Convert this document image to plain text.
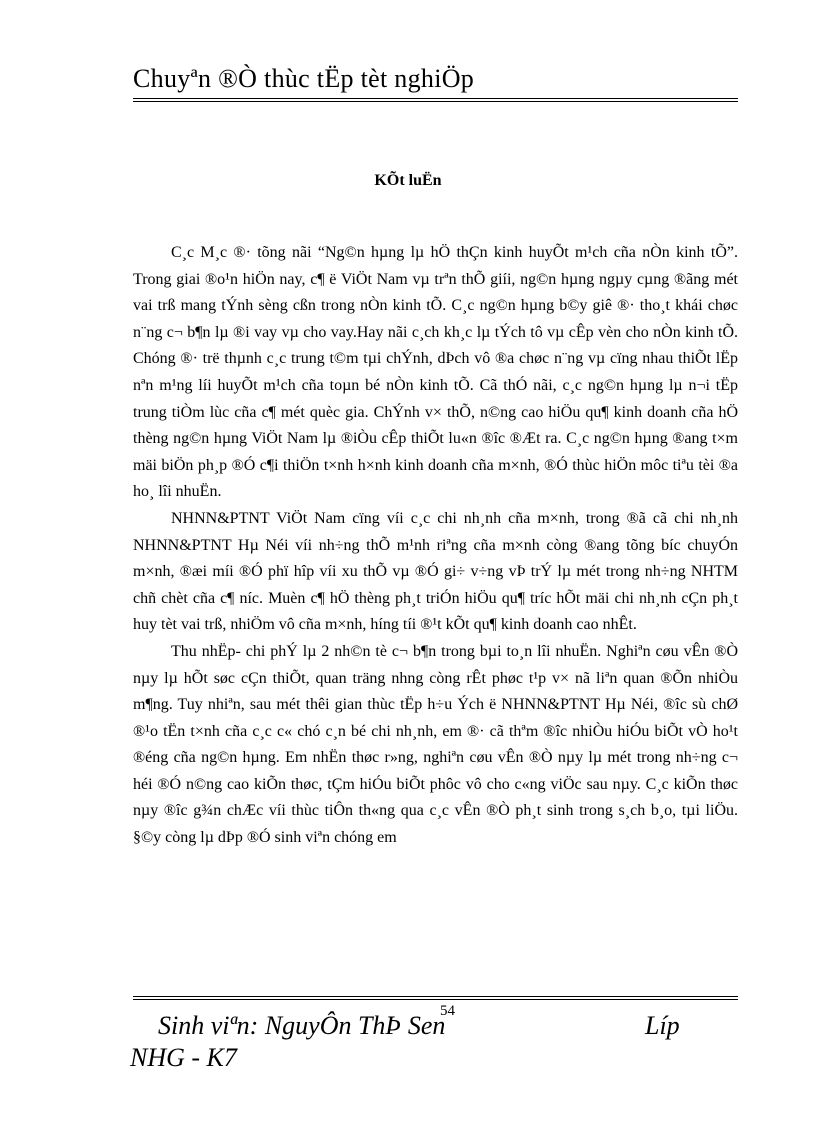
Chuyªn ®Ò thùc tËp tèt nghiÖp
KÕt luËn

C¸c M¸c ®· tõng nãi “Ng©n hµng lµ hÖ thÇn kinh huyÕt m¹ch cña nÒn kinh tÕ”. Trong giai ®o¹n hiÖn nay, c¶ ë ViÖt Nam vµ trªn thÕ giíi, ng©n hµng ngµy cµng ®ãng mét vai trß mang tÝnh sèng cßn trong nÒn kinh tÕ. C¸c ng©n hµng b©y giê ®· tho¸t khái chøc n¨ng c¬ b¶n lµ ®i vay vµ cho vay.Hay nãi c¸ch kh¸c lµ tÝch tô vµ cÊp vèn cho nÒn kinh tÕ. Chóng ®· trë thµnh c¸c trung t©m tµi chÝnh, dÞch vô ®a chøc n¨ng vµ cïng nhau thiÕt lËp nªn m¹ng líi huyÕt m¹ch cña toµn bé nÒn kinh tÕ. Cã thÓ nãi, c¸c ng©n hµng lµ n¬i tËp trung tiÒm lùc cña c¶ mét quèc gia. ChÝnh v× thÕ, n©ng cao hiÖu qu¶ kinh doanh cña hÖ thèng ng©n hµng ViÖt Nam lµ ®iÒu cÊp thiÕt lu«n ®îc ®Æt ra. C¸c ng©n hµng ®ang t×m mäi biÖn ph¸p ®Ó c¶i thiÖn t×nh h×nh kinh doanh cña m×nh, ®Ó thùc hiÖn môc tiªu tèi ®a ho¸ lîi nhuËn.

NHNN&PTNT ViÖt Nam cïng víi c¸c chi nh¸nh cña m×nh, trong ®ã cã chi nh¸nh NHNN&PTNT Hµ Néi víi nh÷ng thÕ m¹nh riªng cña m×nh còng ®ang tõng bíc chuyÓn m×nh, ®æi míi ®Ó phï hîp víi xu thÕ vµ ®Ó gi÷ v÷ng vÞ trÝ lµ mét trong nh÷ng NHTM chñ chèt cña c¶ níc. Muèn c¶ hÖ thèng ph¸t triÓn hiÖu qu¶ tríc hÕt mäi chi nh¸nh cÇn ph¸t huy tèt vai trß, nhiÖm vô cña m×nh, híng tíi ®¹t kÕt qu¶ kinh doanh cao nhÊt.

Thu nhËp- chi phÝ lµ 2 nh©n tè c¬ b¶n trong bµi to¸n lîi nhuËn. Nghiªn cøu vÊn ®Ò nµy lµ hÕt søc cÇn thiÕt, quan träng nhng còng rÊt phøc t¹p v× nã liªn quan ®Õn nhiÒu m¶ng. Tuy nhiªn, sau mét thêi gian thùc tËp h÷u Ých ë NHNN&PTNT Hµ Néi, ®îc sù chØ ®¹o tËn t×nh cña c¸c c« chó c¸n bé chi nh¸nh, em ®· cã thªm ®îc nhiÒu hiÓu biÕt vÒ ho¹t ®éng cña ng©n hµng. Em nhËn thøc r»ng, nghiªn cøu vÊn ®Ò nµy lµ mét trong nh÷ng c¬ héi ®Ó n©ng cao kiÕn thøc, tÇm hiÓu biÕt phôc vô cho c«ng viÖc sau nµy. C¸c kiÕn thøc nµy ®îc g¾n chÆc víi thùc tiÔn th«ng qua c¸c vÊn ®Ò ph¸t sinh trong s¸ch b¸o, tµi liÖu. §©y còng lµ dÞp ®Ó sinh viªn chóng em

54
Sinh viªn: NguyÔn ThÞ Sen	Líp
NHG - K7
